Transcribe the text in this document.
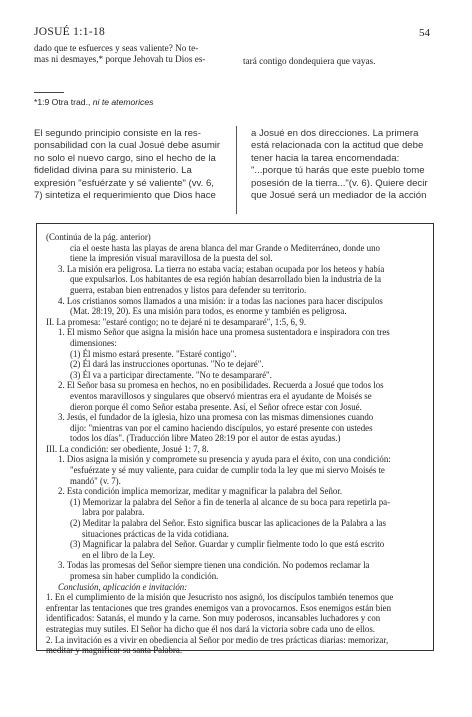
JOSUÉ 1:1-18	54
dado que te esfuerces y seas valiente? No te-
mas ni desmayes,* porque Jehovah tu Dios es-	tará contigo dondequiera que vayas.
*1:9 Otra trad., ni te atemorices
El segundo principio consiste en la res-
ponsabilidad con la cual Josué debe asumir
no solo el nuevo cargo, sino el hecho de la
fidelidad divina para su ministerio. La
expresión "esfuérzate y sé valiente" (vv. 6,
7) sintetiza el requerimiento que Dios hace
a Josué en dos direcciones. La primera
está relacionada con la actitud que debe
tener hacia la tarea encomendada:
"...porque tú harás que este pueblo tome
posesión de la tierra..."(v. 6). Quiere decir
que Josué será un mediador de la acción
(Continúa de la pág. anterior)
cia el oeste hasta las playas de arena blanca del mar Grande o Mediterráneo, donde uno
tiene la impresión visual maravillosa de la puesta del sol.
3. La misión era peligrosa. La tierra no estaba vacía; estaban ocupada por los hetеos y había
que expulsarlos. Los habitantes de esa región habían desarrollado bien la industria de la
guerra, estaban bien entrenados y listos para defender su territorio.
4. Los cristianos somos llamados a una misión: ir a todas las naciones para hacer discípulos
(Mat. 28:19, 20). Es una misión para todos, es enorme y también es peligrosa.
II. La promesa: "estaré contigo; no te dejaré ni te desampararé", 1:5, 6, 9.
1. El mismo Señor que asigna la misión hace una promesa sustentadora e inspiradora con tres
dimensiones:
(1) Él mismo estará presente. "Estaré contigo".
(2) Él dará las instrucciones oportunas. "No te dejaré".
(3) Él va a participar directamente. "No te desampararé".
2. El Señor basa su promesa en hechos, no en posibilidades. Recuerda a Josué que todos los
eventos maravillosos y singulares que observó mientras era el ayudante de Moisés se
dieron porque él como Señor estaba presente. Así, el Señor ofrece estar con Josué.
3. Jesús, el fundador de la iglesia, hizo una promesa con las mismas dimensiones cuando
dijo: "mientras van por el camino haciendo discípulos, yo estaré presente con ustedes
todos los días". (Traducción libre Mateo 28:19 por el autor de estas ayudas.)
III. La condición: ser obediente, Josué 1: 7, 8.
1. Dios asigna la misión y compromete su presencia y ayuda para el éxito, con una condición:
"esfuérzate y sé muy valiente, para cuidar de cumplir toda la ley que mi siervo Moisés te
mandó" (v. 7).
2. Esta condición implica memorizar, meditar y magnificar la palabra del Señor.
(1) Memorizar la palabra del Señor a fin de tenerla al alcance de su boca para repetirla pa-
labra por palabra.
(2) Meditar la palabra del Señor. Esto significa buscar las aplicaciones de la Palabra a las
situaciones prácticas de la vida cotidiana.
(3) Magnificar la palabra del Señor. Guardar y cumplir fielmente todo lo que está escrito
en el libro de la Ley.
3. Todas las promesas del Señor siempre tienen una condición. No podemos reclamar la
promesa sin haber cumplido la condición.
Conclusión, aplicación e invitación:
1. En el cumplimiento de la misión que Jesucristo nos asignó, los discípulos también tenemos que
enfrentar las tentaciones que tres grandes enemigos van a provocarnos. Esos enemigos están bien
identificados: Satanás, el mundo y la carne. Son muy poderosos, incansables luchadores y con
estrategias muy sutiles. El Señor ha dicho que él nos dará la victoria sobre cada uno de ellos.
2. La invitación es a vivir en obediencia al Señor por medio de tres prácticas diarias: memorizar,
meditar y magnificar su santa Palabra.
